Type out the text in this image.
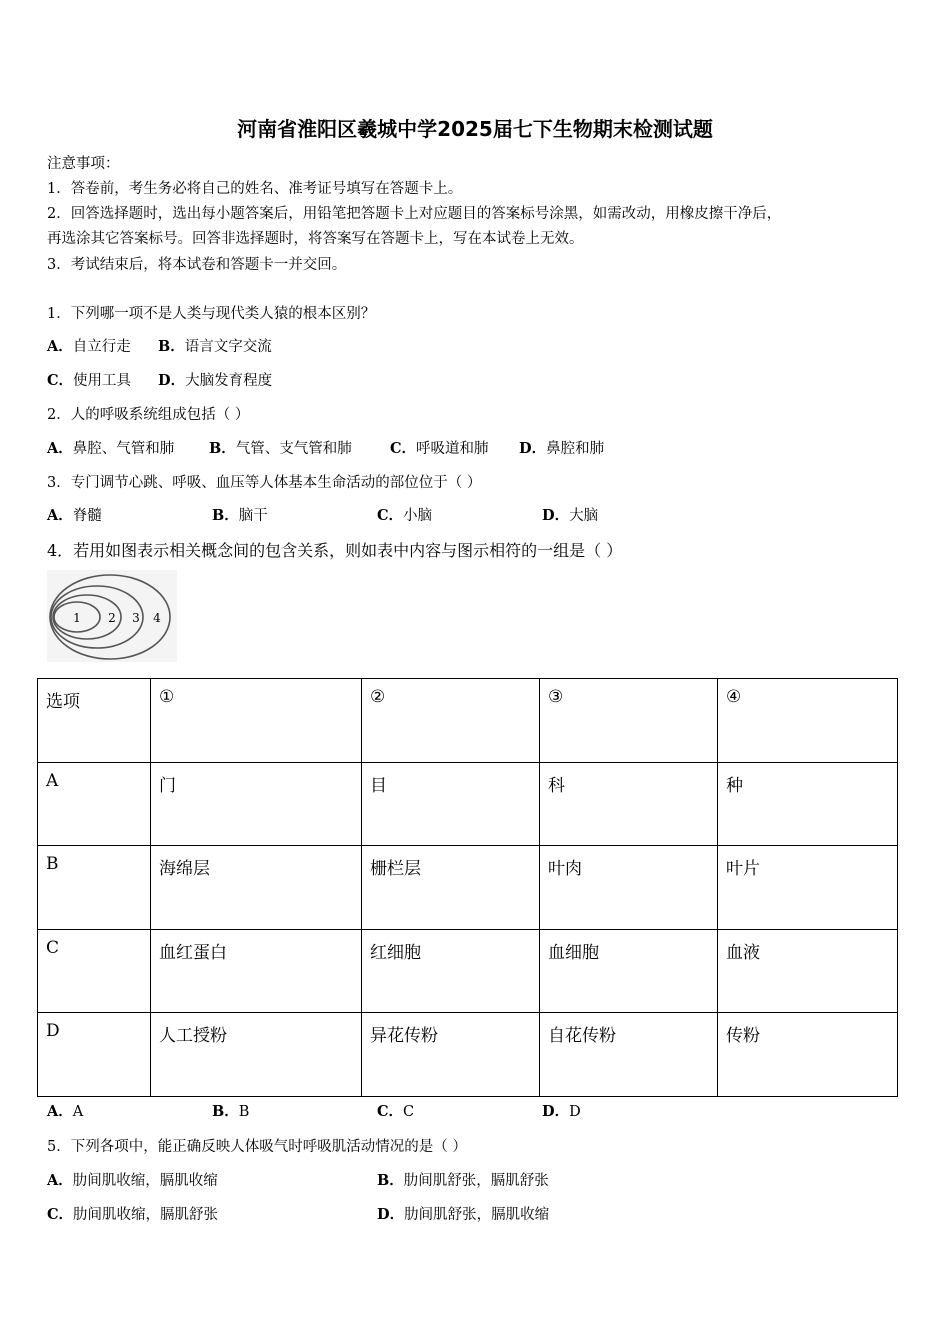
河南省淮阳区羲城中学2025届七下生物期末检测试题
注意事项：
1．答卷前，考生务必将自己的姓名、准考证号填写在答题卡上。
2．回答选择题时，选出每小题答案后，用铅笔把答题卡上对应题目的答案标号涂黑，如需改动，用橡皮擦干净后，
再选涂其它答案标号。回答非选择题时，将答案写在答题卡上，写在本试卷上无效。
3．考试结束后，将本试卷和答题卡一并交回。
1．下列哪一项不是人类与现代类人猿的根本区别？
A．自立行走 B．语言文字交流
C．使用工具 D．大脑发育程度
2．人的呼吸系统组成包括（ ）
A．鼻腔、气管和肺 B．气管、支气管和肺	C．呼吸道和肺 D．鼻腔和肺
3．专门调节心跳、呼吸、血压等人体基本生命活动的部位位于（ ）
A．脊髓	B．脑干	C．小脑	D．大脑
4．若用如图表示相关概念间的包含关系，则如表中内容与图示相符的一组是（ ）
1 2 3 4
选项	①	②	③	④
A	门	目	科	种
B	海绵层	栅栏层	叶肉	叶片
C	血红蛋白	红细胞	血细胞	血液
D	人工授粉	异花传粉	自花传粉	传粉
A．A	B．B	C．C	D．D
5．下列各项中，能正确反映人体吸气时呼吸肌活动情况的是（ ）
A．肋间肌收缩，膈肌收缩	B．肋间肌舒张，膈肌舒张
C．肋间肌收缩，膈肌舒张	D．肋间肌舒张，膈肌收缩
